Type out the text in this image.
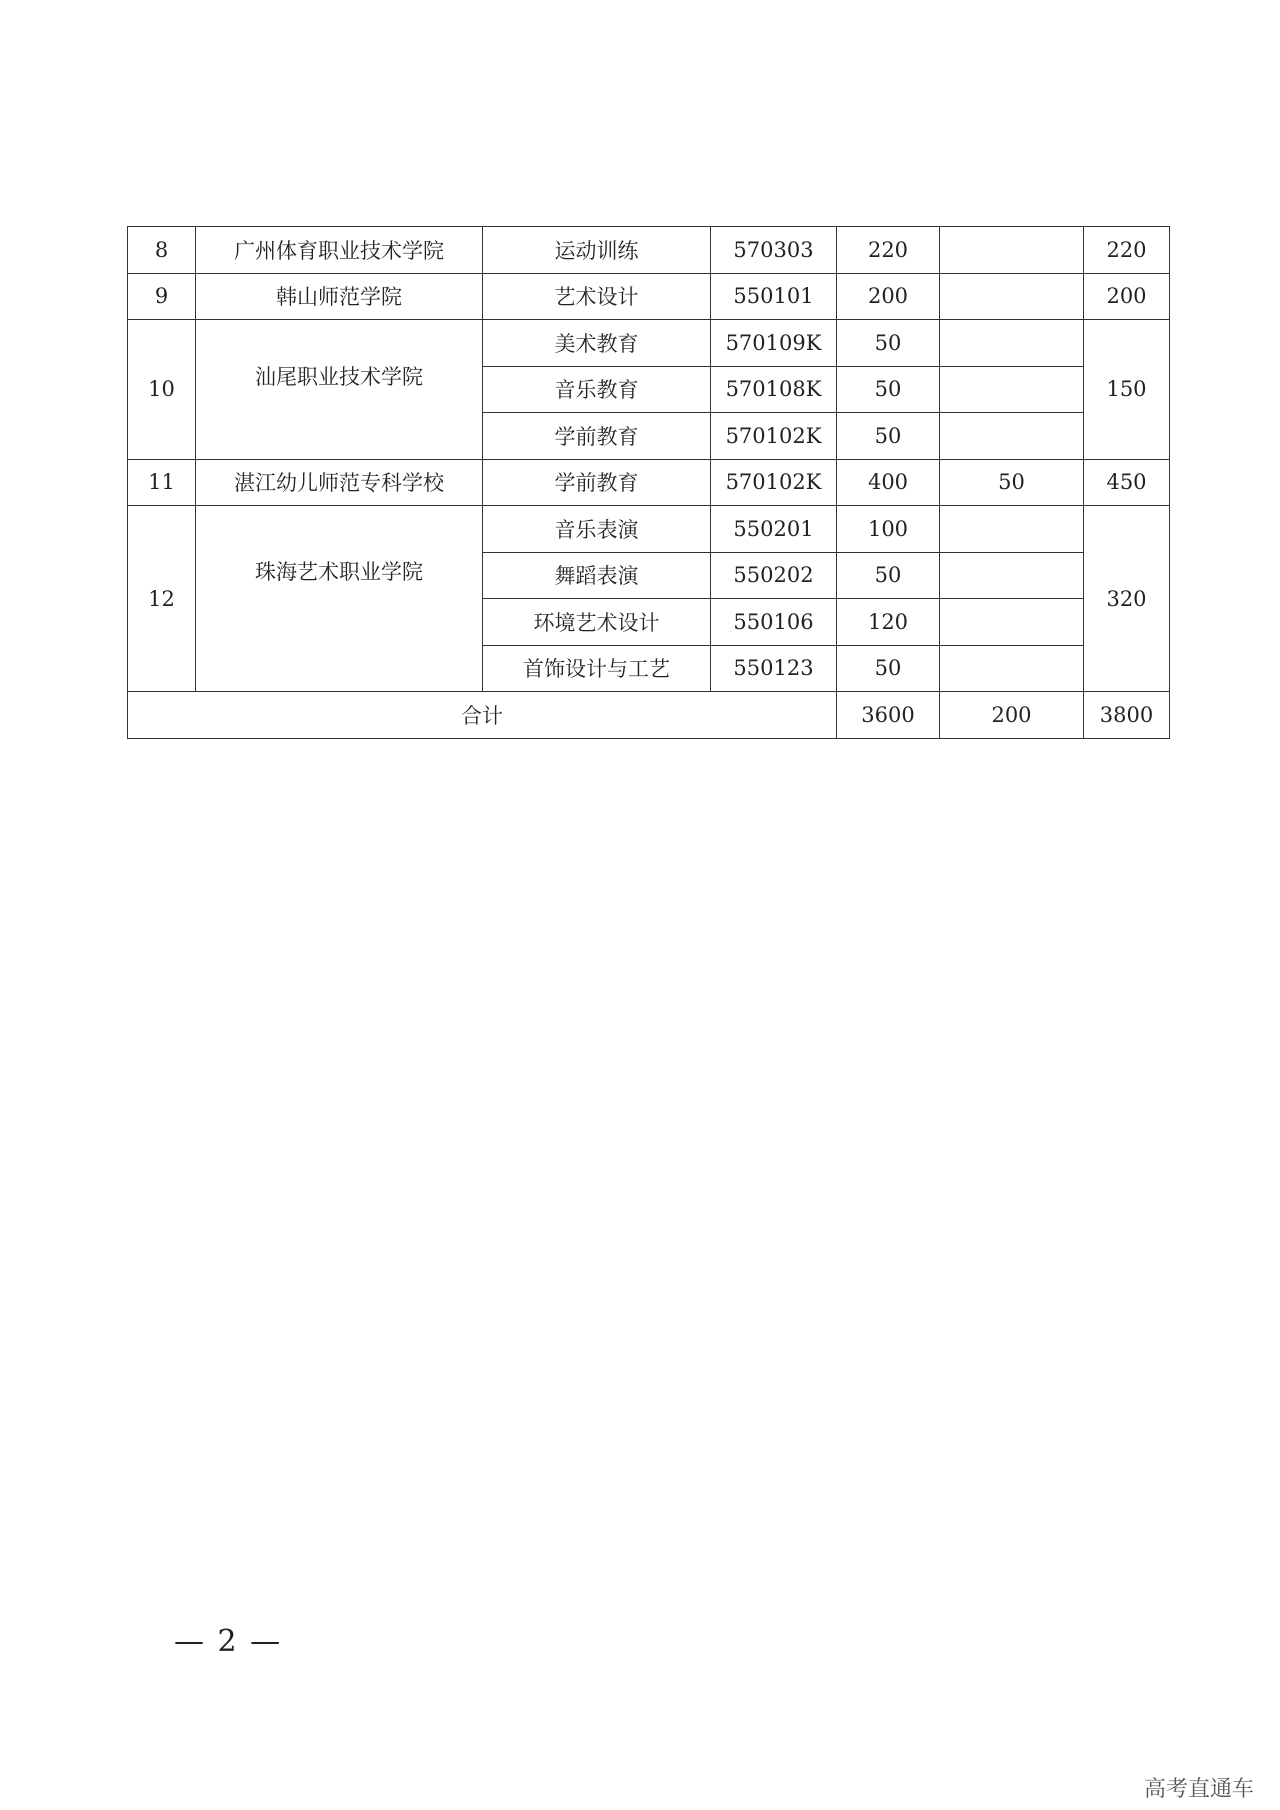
8	广州体育职业技术学院	运动训练	570303	220		220
9	韩山师范学院	艺术设计	550101	200		200
10	汕尾职业技术学院	美术教育	570109K	50		150
		音乐教育	570108K	50		
		学前教育	570102K	50		
11	湛江幼儿师范专科学校	学前教育	570102K	400	50	450
12	珠海艺术职业学院	音乐表演	550201	100		320
		舞蹈表演	550202	50		
		环境艺术设计	550106	120		
		首饰设计与工艺	550123	50		
合计				3600	200	3800
— 2 —
高考直通车
